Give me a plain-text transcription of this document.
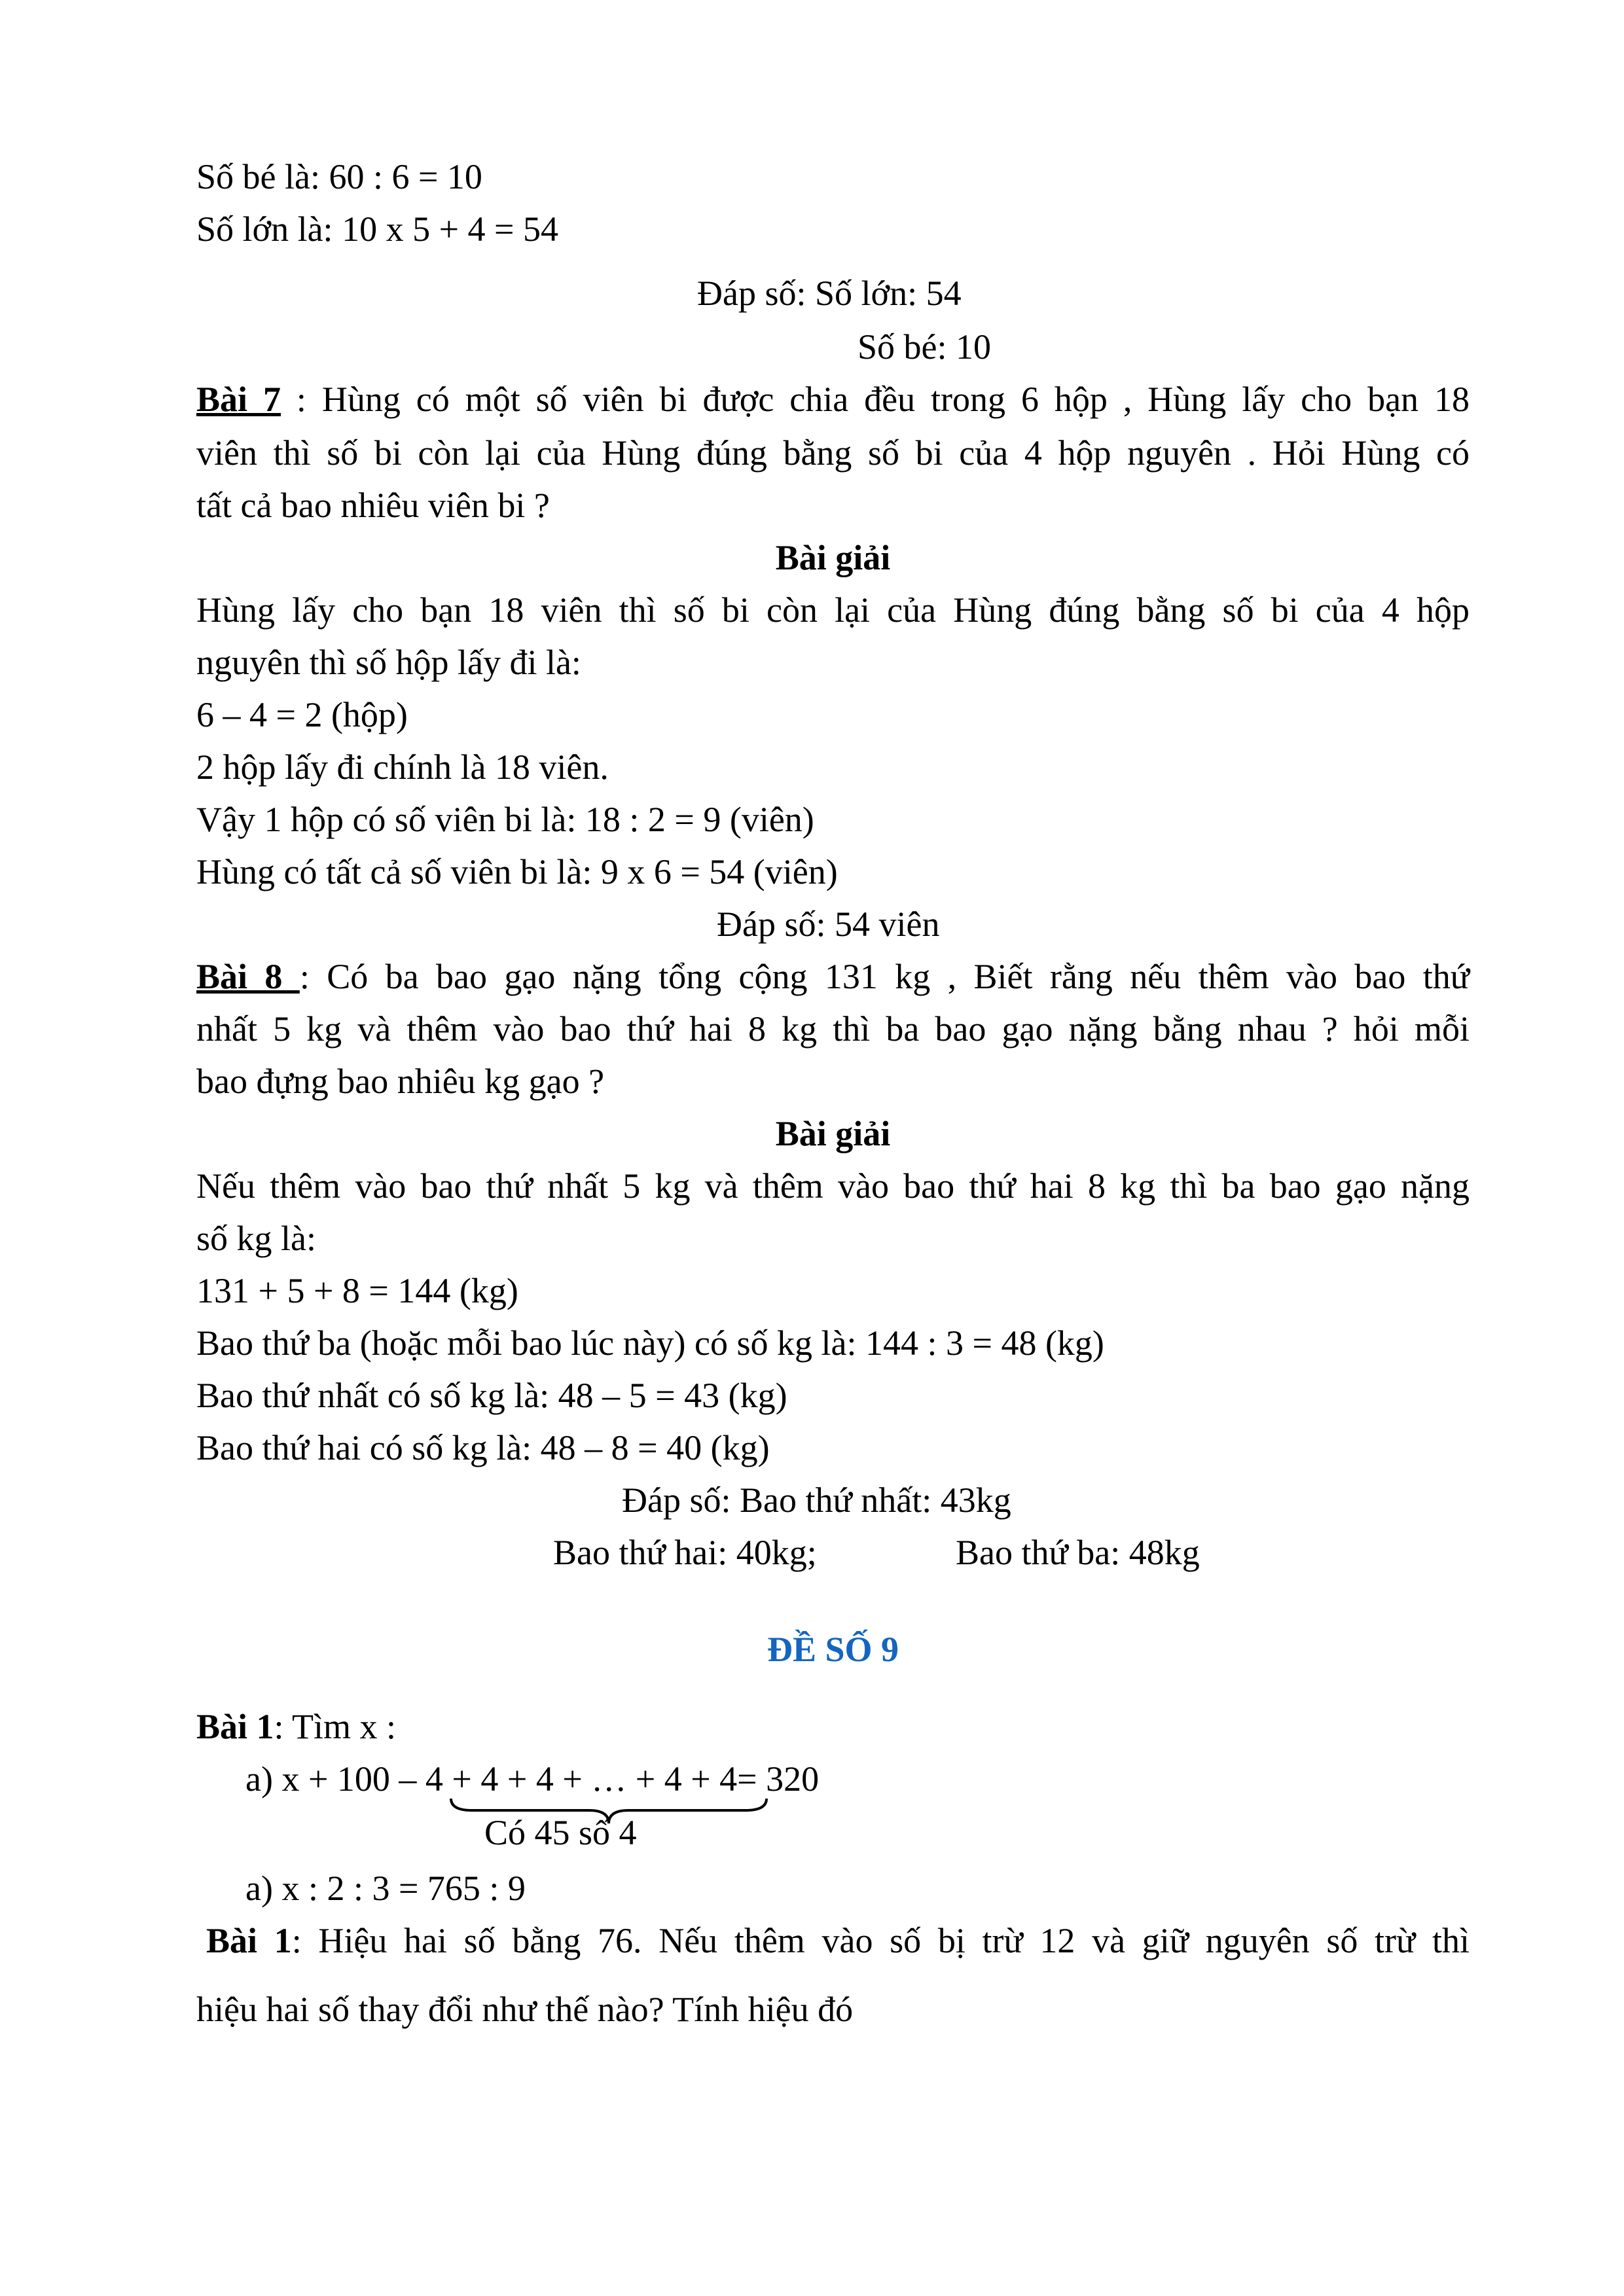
Số bé là: 60 : 6 = 10
Số lớn là: 10 x 5 + 4 = 54
Đáp số: Số lớn: 54
Số bé: 10
Bài 7 : Hùng có một số viên bi được chia đều trong 6 hộp , Hùng lấy cho bạn 18
viên thì số bi còn lại của Hùng đúng bằng số bi của 4 hộp nguyên . Hỏi Hùng có
tất cả bao nhiêu viên bi ?
Bài giải
Hùng lấy cho bạn 18 viên thì số bi còn lại của Hùng đúng bằng số bi của 4 hộp
nguyên thì số hộp lấy đi là:
6 – 4 = 2 (hộp)
2 hộp lấy đi chính là 18 viên.
Vậy 1 hộp có số viên bi là: 18 : 2 = 9 (viên)
Hùng có tất cả số viên bi là: 9 x 6 = 54 (viên)
Đáp số: 54 viên
Bài 8 : Có ba bao gạo nặng tổng cộng 131 kg , Biết rằng nếu thêm vào bao thứ
nhất 5 kg và thêm vào bao thứ hai 8 kg thì ba bao gạo nặng bằng nhau ? hỏi mỗi
bao đựng bao nhiêu kg gạo ?
Bài giải
Nếu thêm vào bao thứ nhất 5 kg và thêm vào bao thứ hai 8 kg thì ba bao gạo nặng
số kg là:
131 + 5 + 8 = 144 (kg)
Bao thứ ba (hoặc mỗi bao lúc này) có số kg là: 144 : 3 = 48 (kg)
Bao thứ nhất có số kg là: 48 – 5 = 43 (kg)
Bao thứ hai có số kg là: 48 – 8 = 40 (kg)
Đáp số: Bao thứ nhất: 43kg
Bao thứ hai: 40kg;	Bao thứ ba: 48kg
ĐỀ SỐ 9
Bài 1: Tìm x :
a) x + 100 – 4 + 4 + 4 + … + 4 + 4= 320
Có 45 số 4
a) x : 2 : 3 = 765 : 9
Bài 1: Hiệu hai số bằng 76. Nếu thêm vào số bị trừ 12 và giữ nguyên số trừ thì
hiệu hai số thay đổi như thế nào? Tính hiệu đó
